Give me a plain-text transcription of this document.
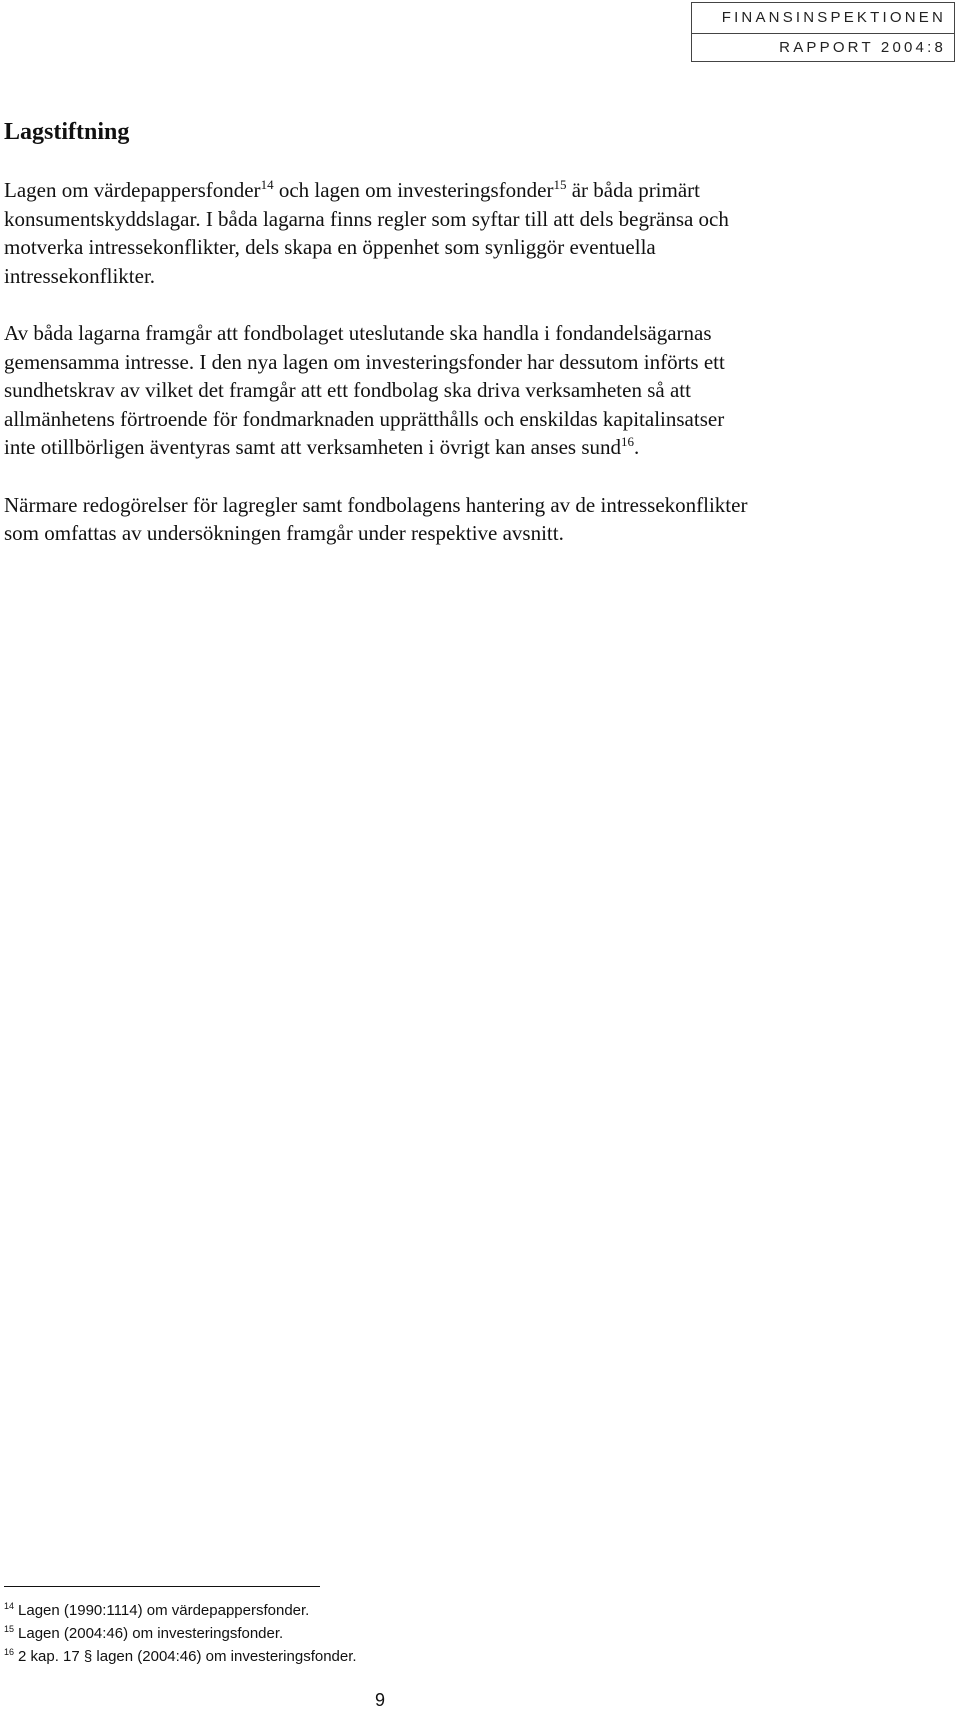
FINANSINSPEKTIONEN
RAPPORT 2004:8
Lagstiftning

Lagen om värdepappersfonder$^{14}$ och lagen om investeringsfonder$^{15}$ är båda primärt konsumentskyddslagar. I båda lagarna finns regler som syftar till att dels begränsa och motverka intressekonflikter, dels skapa en öppenhet som synliggör eventuella intressekonflikter.

Av båda lagarna framgår att fondbolaget uteslutande ska handla i fondandelsägarnas gemensamma intresse. I den nya lagen om investeringsfonder har dessutom införts ett sundhetskrav av vilket det framgår att ett fondbolag ska driva verksamheten så att allmänhetens förtroende för fondmarknaden upprätthålls och enskildas kapitalinsatser inte otillbörligen äventyras samt att verksamheten i övrigt kan anses sund$^{16}$.

Närmare redogörelser för lagregler samt fondbolagens hantering av de intressekonflikter som omfattas av undersökningen framgår under respektive avsnitt.

$^{14}$ Lagen (1990:1114) om värdepappersfonder.
$^{15}$ Lagen (2004:46) om investeringsfonder.
$^{16}$ 2 kap. 17 § lagen (2004:46) om investeringsfonder.
9
